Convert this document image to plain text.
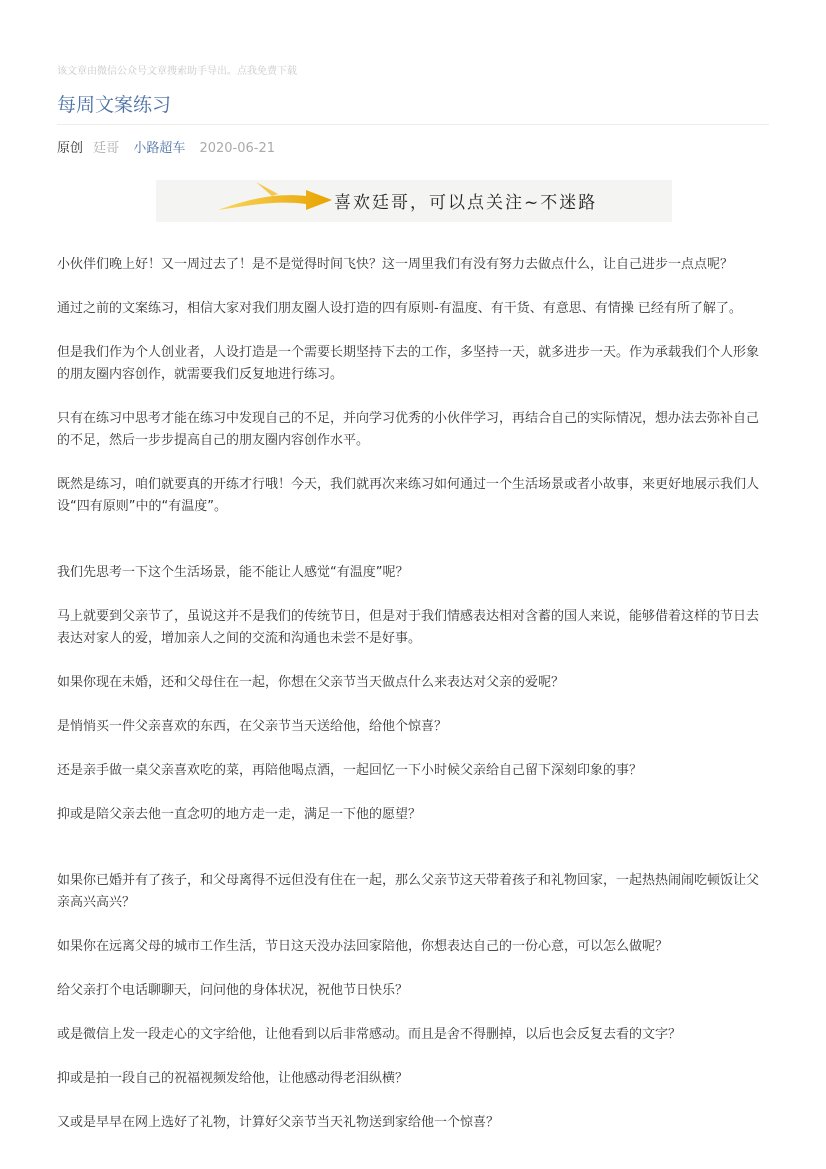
该文章由微信公众号文章搜索助手导出。点我免费下载
每周文案练习
原创 廷哥 小路超车 2020-06-21
喜欢廷哥，可以点关注~不迷路

小伙伴们晚上好！又一周过去了！是不是觉得时间飞快？这一周里我们有没有努力去做点什么，让自己进步一点点呢？

通过之前的文案练习，相信大家对我们朋友圈人设打造的四有原则-有温度、有干货、有意思、有情操 已经有所了解了。

但是我们作为个人创业者，人设打造是一个需要长期坚持下去的工作，多坚持一天，就多进步一天。作为承载我们个人形象的朋友圈内容创作，就需要我们反复地进行练习。

只有在练习中思考才能在练习中发现自己的不足，并向学习优秀的小伙伴学习，再结合自己的实际情况，想办法去弥补自己的不足，然后一步步提高自己的朋友圈内容创作水平。

既然是练习，咱们就要真的开练才行哦！今天，我们就再次来练习如何通过一个生活场景或者小故事，来更好地展示我们人设“四有原则”中的“有温度”。

我们先思考一下这个生活场景，能不能让人感觉“有温度”呢？

马上就要到父亲节了，虽说这并不是我们的传统节日，但是对于我们情感表达相对含蓄的国人来说，能够借着这样的节日去表达对家人的爱，增加亲人之间的交流和沟通也未尝不是好事。

如果你现在未婚，还和父母住在一起，你想在父亲节当天做点什么来表达对父亲的爱呢？

是悄悄买一件父亲喜欢的东西，在父亲节当天送给他，给他个惊喜？

还是亲手做一桌父亲喜欢吃的菜，再陪他喝点酒，一起回忆一下小时候父亲给自己留下深刻印象的事？

抑或是陪父亲去他一直念叨的地方走一走，满足一下他的愿望？

如果你已婚并有了孩子，和父母离得不远但没有住在一起，那么父亲节这天带着孩子和礼物回家，一起热热闹闹吃顿饭让父亲高兴高兴？

如果你在远离父母的城市工作生活，节日这天没办法回家陪他，你想表达自己的一份心意，可以怎么做呢？

给父亲打个电话聊聊天，问问他的身体状况，祝他节日快乐？

或是微信上发一段走心的文字给他，让他看到以后非常感动。而且是舍不得删掉，以后也会反复去看的文字？

抑或是拍一段自己的祝福视频发给他，让他感动得老泪纵横？

又或是早早在网上选好了礼物，计算好父亲节当天礼物送到家给他一个惊喜？
